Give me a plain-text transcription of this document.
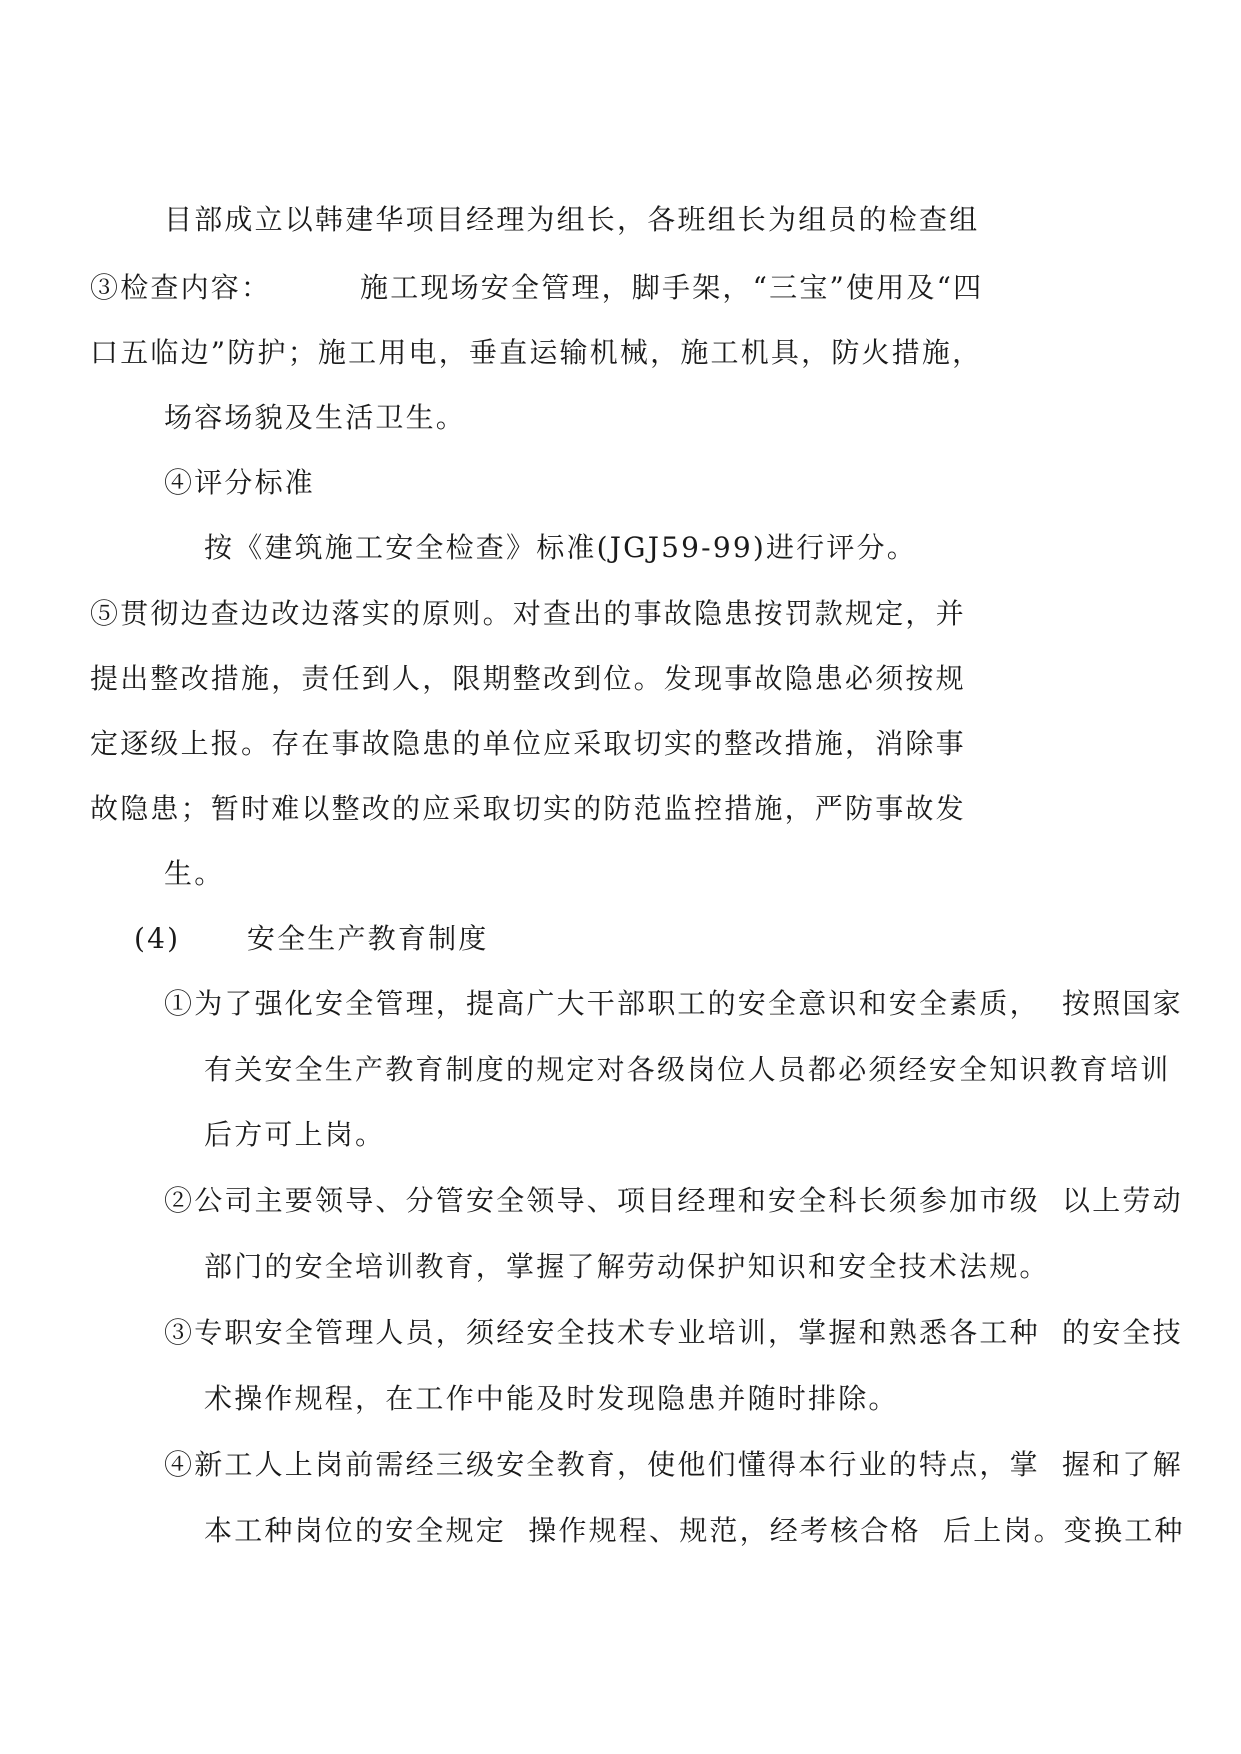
目部成立以韩建华项目经理为组长，各班组长为组员的检查组
③检查内容：        施工现场安全管理，脚手架，“三宝”使用及“四
口五临边”防护；施工用电，垂直运输机械，施工机具，防火措施，
场容场貌及生活卫生。
④评分标准
按《建筑施工安全检查》标准(JGJ59-99)进行评分。
⑤贯彻边查边改边落实的原则。对查出的事故隐患按罚款规定，并
提出整改措施，责任到人，限期整改到位。发现事故隐患必须按规
定逐级上报。存在事故隐患的单位应采取切实的整改措施，消除事
故隐患；暂时难以整改的应采取切实的防范监控措施，严防事故发
生。
(4)      安全生产教育制度
①为了强化安全管理，提高广大干部职工的安全意识和安全素质，  按照国家
有关安全生产教育制度的规定对各级岗位人员都必须经安全知识教育培训
后方可上岗。
②公司主要领导、分管安全领导、项目经理和安全科长须参加市级  以上劳动
部门的安全培训教育，掌握了解劳动保护知识和安全技术法规。
③专职安全管理人员，须经安全技术专业培训，掌握和熟悉各工种  的安全技
术操作规程，在工作中能及时发现隐患并随时排除。
④新工人上岗前需经三级安全教育，使他们懂得本行业的特点，掌  握和了解
本工种岗位的安全规定  操作规程、规范，经考核合格  后上岗。变换工种
